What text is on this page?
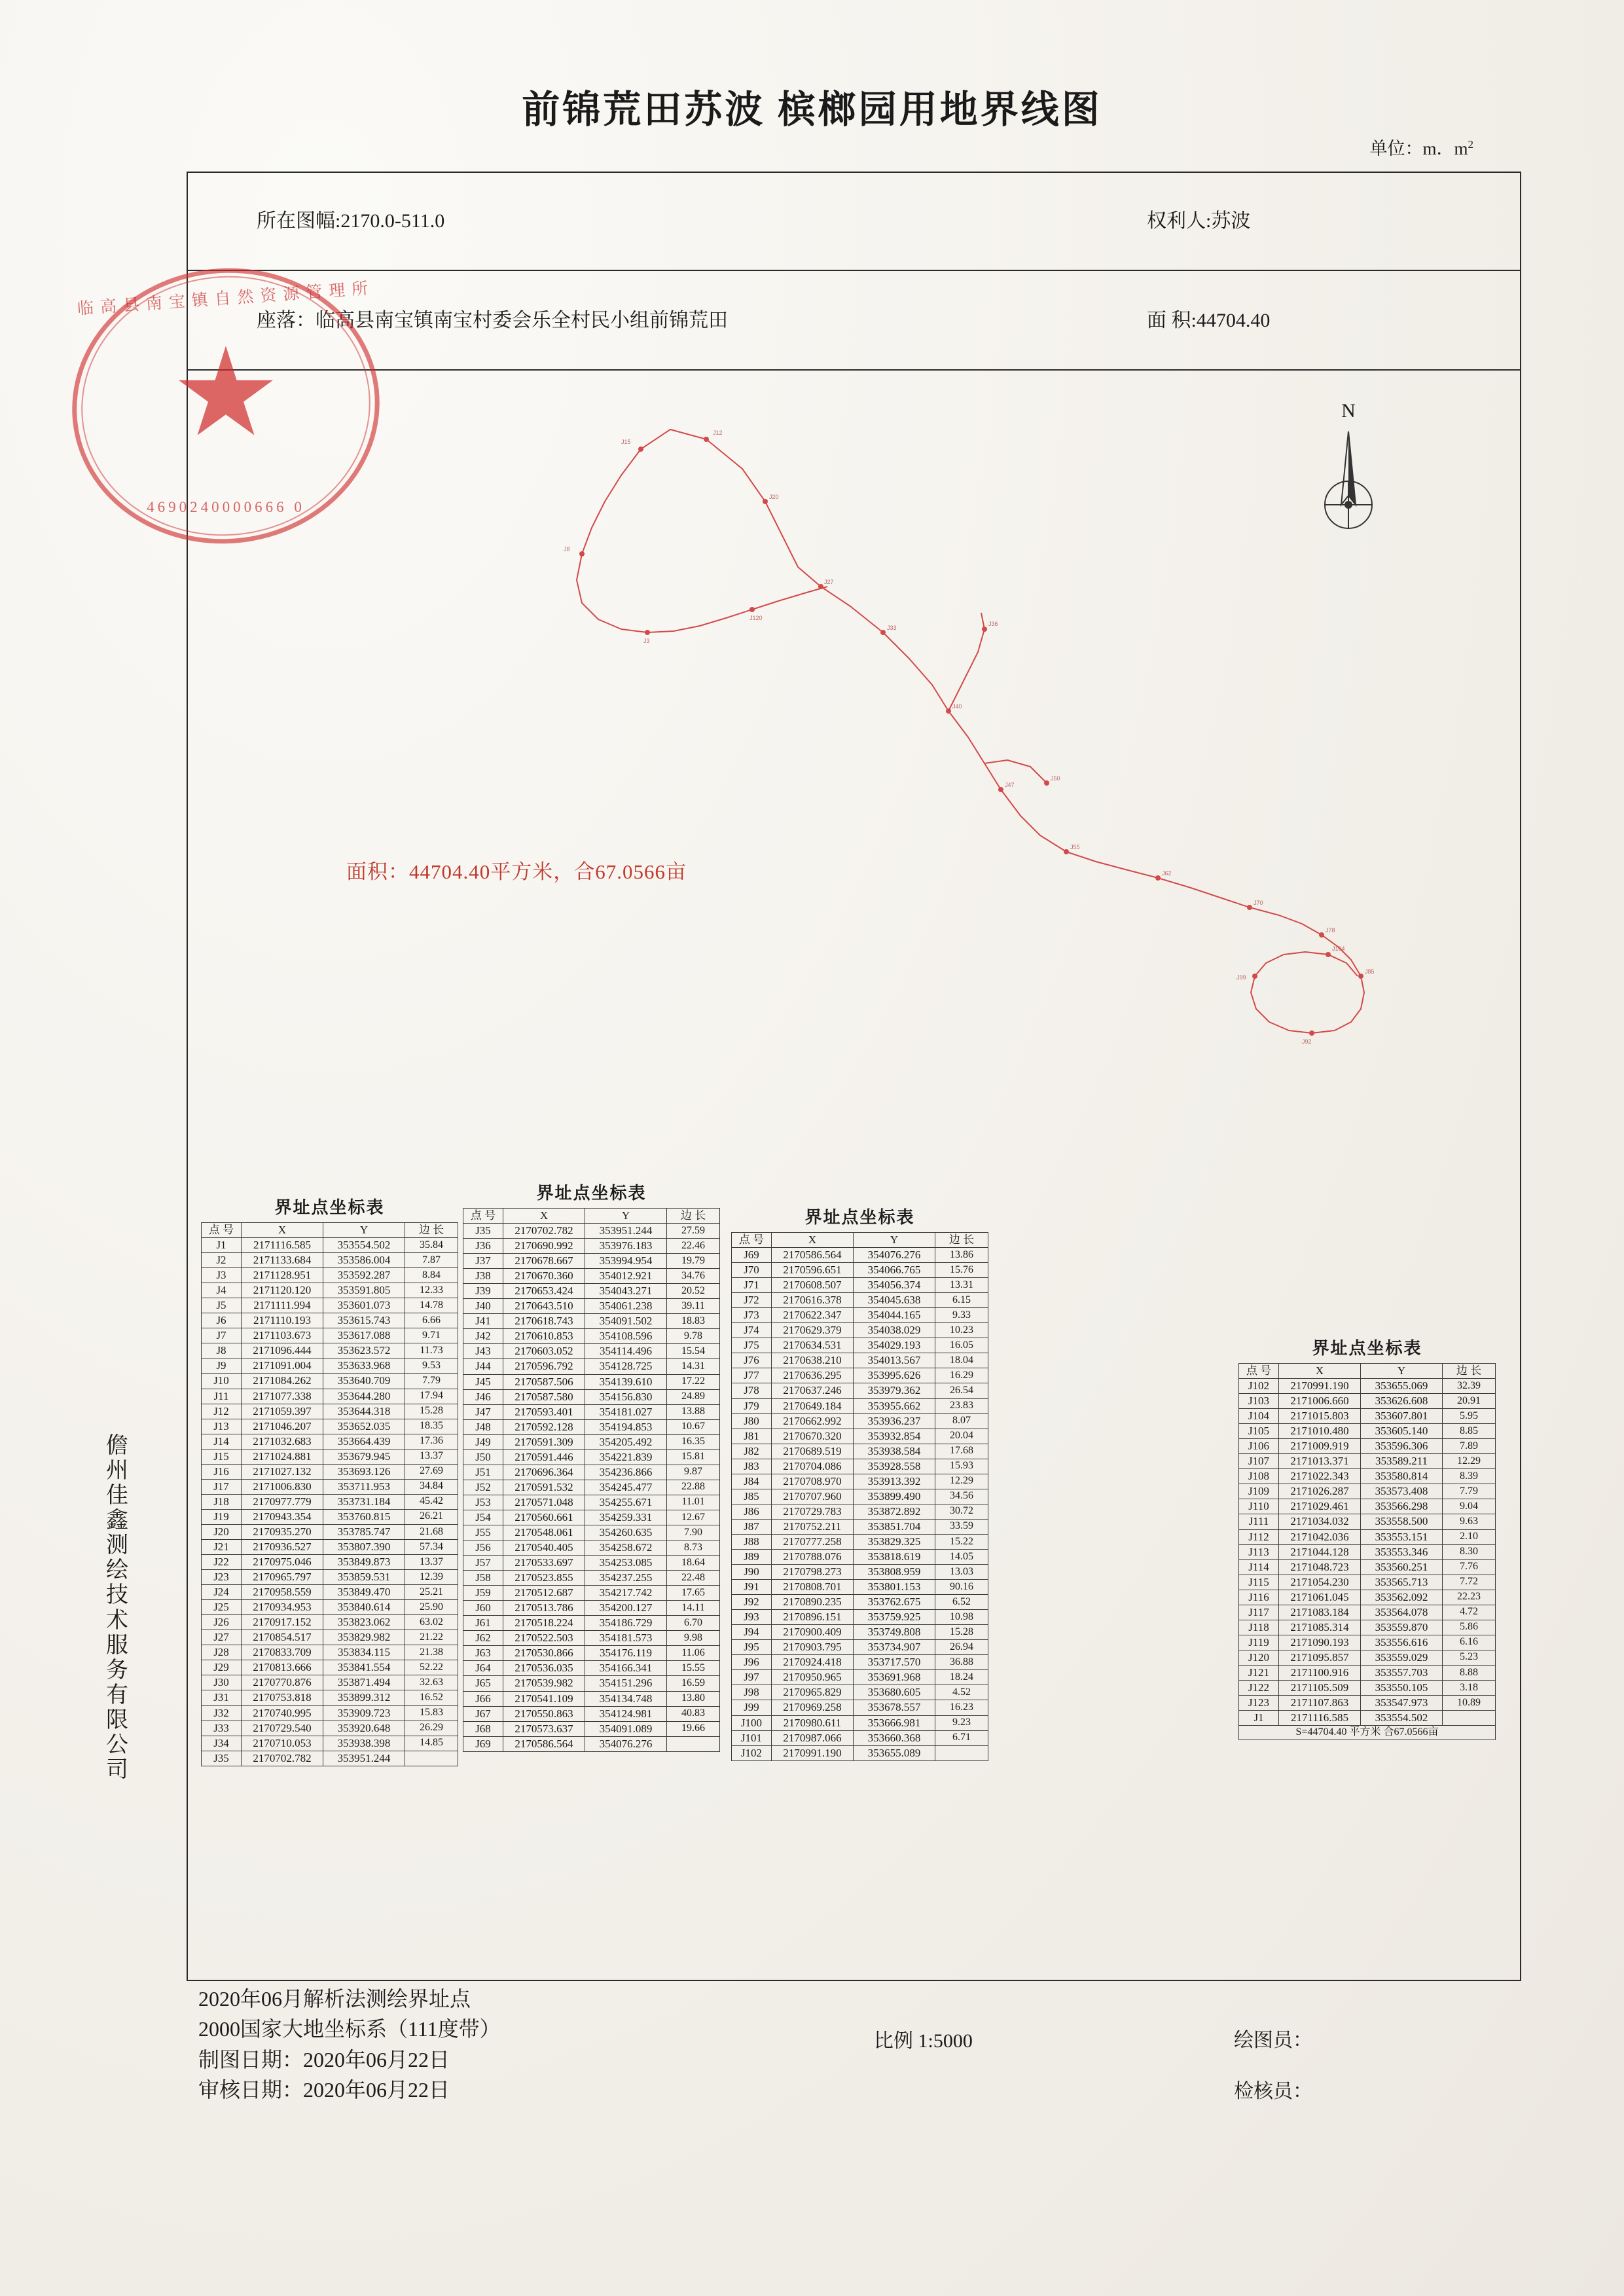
前锦荒田苏波 槟榔园用地界线图
单位：m．$m^2$
所在图幅:2170.0-511.0	权利人:苏波
座落：临高县南宝镇南宝村委会乐全村民小组前锦荒田	面 积:44704.40
J15
J12
J20
J27
J33
J40
J47
J55
J62
J70
J78
J85
J92
J99
J104
J8
J3
J120
J36
J50
面积：44704.40平方米，合67.0566亩
N
界址点坐标表
点 号	X	Y	边 长
J1	2171116.585	353554.502	35.84
J2	2171133.684	353586.004	7.87
J3	2171128.951	353592.287	8.84
J4	2171120.120	353591.805	12.33
J5	2171111.994	353601.073	14.78
J6	2171110.193	353615.743	6.66
J7	2171103.673	353617.088	9.71
J8	2171096.444	353623.572	11.73
J9	2171091.004	353633.968	9.53
J10	2171084.262	353640.709	7.79
J11	2171077.338	353644.280	17.94
J12	2171059.397	353644.318	15.28
J13	2171046.207	353652.035	18.35
J14	2171032.683	353664.439	17.36
J15	2171024.881	353679.945	13.37
J16	2171027.132	353693.126	27.69
J17	2171006.830	353711.953	34.84
J18	2170977.779	353731.184	45.42
J19	2170943.354	353760.815	26.21
J20	2170935.270	353785.747	21.68
J21	2170936.527	353807.390	57.34
J22	2170975.046	353849.873	13.37
J23	2170965.797	353859.531	12.39
J24	2170958.559	353849.470	25.21
J25	2170934.953	353840.614	25.90
J26	2170917.152	353823.062	63.02
J27	2170854.517	353829.982	21.22
J28	2170833.709	353834.115	21.38
J29	2170813.666	353841.554	52.22
J30	2170770.876	353871.494	32.63
J31	2170753.818	353899.312	16.52
J32	2170740.995	353909.723	15.83
J33	2170729.540	353920.648	26.29
J34	2170710.053	353938.398	14.85
J35	2170702.782	353951.244	
界址点坐标表
点 号	X	Y	边 长
J35	2170702.782	353951.244	27.59
J36	2170690.992	353976.183	22.46
J37	2170678.667	353994.954	19.79
J38	2170670.360	354012.921	34.76
J39	2170653.424	354043.271	20.52
J40	2170643.510	354061.238	39.11
J41	2170618.743	354091.502	18.83
J42	2170610.853	354108.596	9.78
J43	2170603.052	354114.496	15.54
J44	2170596.792	354128.725	14.31
J45	2170587.506	354139.610	17.22
J46	2170587.580	354156.830	24.89
J47	2170593.401	354181.027	13.88
J48	2170592.128	354194.853	10.67
J49	2170591.309	354205.492	16.35
J50	2170591.446	354221.839	15.81
J51	2170696.364	354236.866	9.87
J52	2170591.532	354245.477	22.88
J53	2170571.048	354255.671	11.01
J54	2170560.661	354259.331	12.67
J55	2170548.061	354260.635	7.90
J56	2170540.405	354258.672	8.73
J57	2170533.697	354253.085	18.64
J58	2170523.855	354237.255	22.48
J59	2170512.687	354217.742	17.65
J60	2170513.786	354200.127	14.11
J61	2170518.224	354186.729	6.70
J62	2170522.503	354181.573	9.98
J63	2170530.866	354176.119	11.06
J64	2170536.035	354166.341	15.55
J65	2170539.982	354151.296	16.59
J66	2170541.109	354134.748	13.80
J67	2170550.863	354124.981	40.83
J68	2170573.637	354091.089	19.66
J69	2170586.564	354076.276	
界址点坐标表
点 号	X	Y	边 长
J69	2170586.564	354076.276	13.86
J70	2170596.651	354066.765	15.76
J71	2170608.507	354056.374	13.31
J72	2170616.378	354045.638	6.15
J73	2170622.347	354044.165	9.33
J74	2170629.379	354038.029	10.23
J75	2170634.531	354029.193	16.05
J76	2170638.210	354013.567	18.04
J77	2170636.295	353995.626	16.29
J78	2170637.246	353979.362	26.54
J79	2170649.184	353955.662	23.83
J80	2170662.992	353936.237	8.07
J81	2170670.320	353932.854	20.04
J82	2170689.519	353938.584	17.68
J83	2170704.086	353928.558	15.93
J84	2170708.970	353913.392	12.29
J85	2170707.960	353899.490	34.56
J86	2170729.783	353872.892	30.72
J87	2170752.211	353851.704	33.59
J88	2170777.258	353829.325	15.22
J89	2170788.076	353818.619	14.05
J90	2170798.273	353808.959	13.03
J91	2170808.701	353801.153	90.16
J92	2170890.235	353762.675	6.52
J93	2170896.151	353759.925	10.98
J94	2170900.409	353749.808	15.28
J95	2170903.795	353734.907	26.94
J96	2170924.418	353717.570	36.88
J97	2170950.965	353691.968	18.24
J98	2170965.829	353680.605	4.52
J99	2170969.258	353678.557	16.23
J100	2170980.611	353666.981	9.23
J101	2170987.066	353660.368	6.71
J102	2170991.190	353655.089	
界址点坐标表
点 号	X	Y	边 长
J102	2170991.190	353655.069	32.39
J103	2171006.660	353626.608	20.91
J104	2171015.803	353607.801	5.95
J105	2171010.480	353605.140	8.85
J106	2171009.919	353596.306	7.89
J107	2171013.371	353589.211	12.29
J108	2171022.343	353580.814	8.39
J109	2171026.287	353573.408	7.79
J110	2171029.461	353566.298	9.04
J111	2171034.032	353558.500	9.63
J112	2171042.036	353553.151	2.10
J113	2171044.128	353553.346	8.30
J114	2171048.723	353560.251	7.76
J115	2171054.230	353565.713	7.72
J116	2171061.045	353562.092	22.23
J117	2171083.184	353564.078	4.72
J118	2171085.314	353559.870	5.86
J119	2171090.193	353556.616	6.16
J120	2171095.857	353559.029	5.23
J121	2171100.916	353557.703	8.88
J122	2171105.509	353550.105	3.18
J123	2171107.863	353547.973	10.89
J1	2171116.585	353554.502	
S=44704.40 平方米 合67.0566亩			
临高县南宝镇自然资源管理所
4690240000666 0
儋州佳鑫测绘技术服务有限公司
2020年06月解析法测绘界址点
2000国家大地坐标系（111度带）
制图日期：2020年06月22日
审核日期：2020年06月22日
比例 1:5000	绘图员：
检核员：
